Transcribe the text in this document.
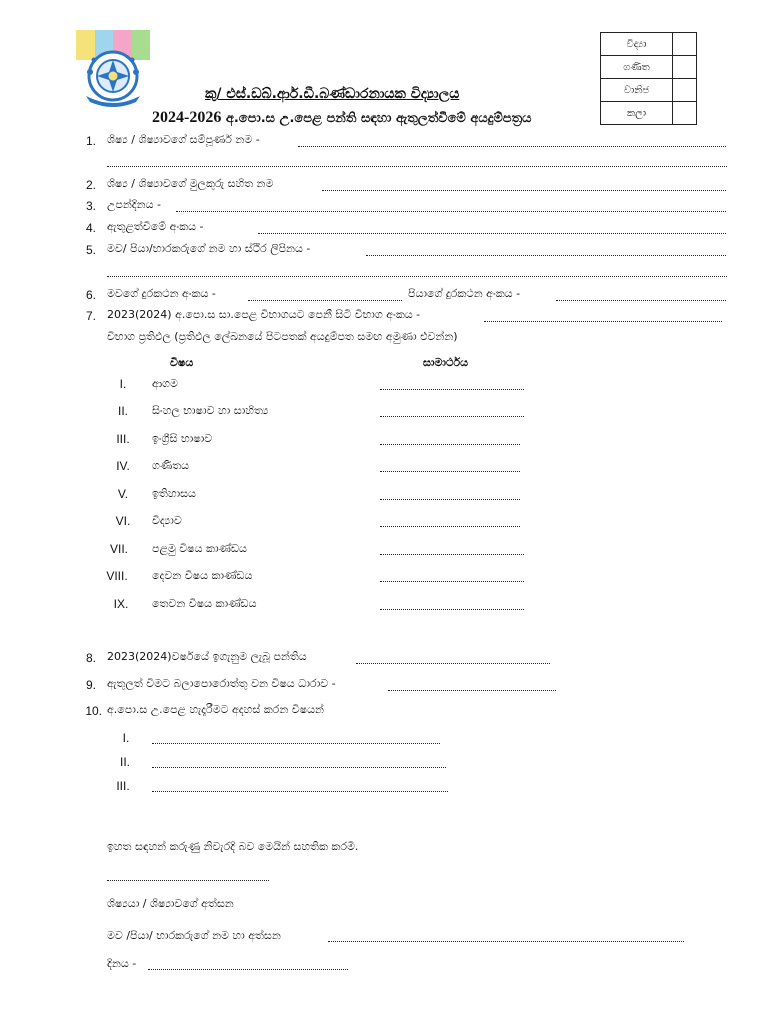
විද්‍යා	
ගණිත	
වානිජ	
කලා	
කු/ එස්.ඩබ්.ආර්.ඩී.බණ්ඩාරනායක විද්‍යාලය
2024-2026 අ.පො.ස උ.පෙළ පන්ති සඳහා ඇතුලත්වීමේ අයදුම්පත්‍රය
1. ශිෂ්‍ය / ශිෂ්‍යාවගේ සම්පූර්ණ නම -
2. ශිෂ්‍ය / ශිෂ්‍යාවගේ මුලකුරු සහිත නම
3. උපන්දිනය -
4. ඇතුළත්වීමේ අංකය -
5. මව/ පියා/භාරකරුගේ නම හා ස්ථිර ලිපිනය -
6. මවගේ දුරකථන අංකය -	පියාගේ දුරකථන අංකය -
7. 2023(2024) අ.පො.ස සා.පෙළ විභාගයට පෙනී සිටි විභාග අංකය -
විභාග ප්‍රතිඵල (ප්‍රතිඵල ලේඛනයේ පිටපතක් අයදුම්පත සමඟ අමුණා එවන්න)
විෂය	සාමාර්ථය
I.	ආගම
II.	සිංහල භාෂාව හා සාහිත්‍ය
III.	ඉංග්‍රීසි භාෂාව
IV.	ගණිතය
V.	ඉතිහාසය
VI.	විද්‍යාව
VII.	පළමු විෂය කාණ්ඩය
VIII.	දෙවන විෂය කාණ්ඩය
IX.	තෙවන විෂය කාණ්ඩය
8. 2023(2024)වර්ෂයේ ඉගැනුම ලැබූ පන්තිය
9. ඇතුලත් වීමට බලාපොරොත්තු වන විෂය ධාරාව -
10. අ.පො.ස උ.පෙළ හැදෑරීමට අදහස් කරන විෂයන්
I.
II.
III.
ඉහත සඳහන් කරුණු නිවැරදි බව මෙයින් සහතික කරමි.
ශිෂ්‍යයා / ශිෂ්‍යාවගේ අත්සන
මව /පියා/ භාරකරුගේ නම හා අත්සන
දිනය -
